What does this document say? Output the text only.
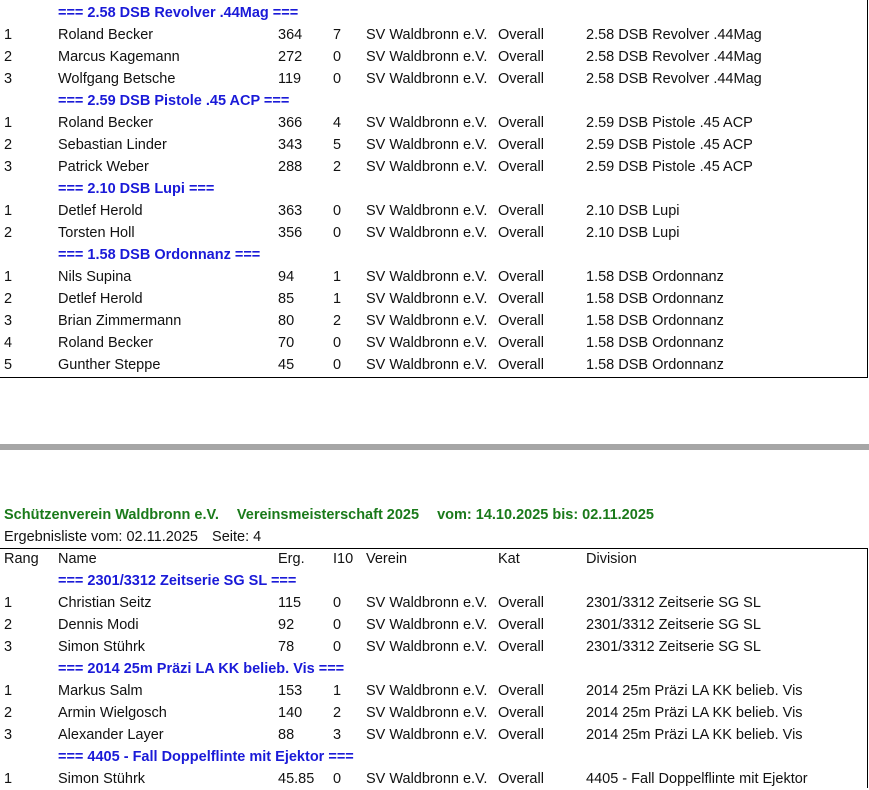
=== 2.58 DSB Revolver .44Mag ===
1	Roland Becker	364 7 SV Waldbronn e.V. Overall	2.58 DSB Revolver .44Mag
2	Marcus Kagemann	272 0 SV Waldbronn e.V. Overall	2.58 DSB Revolver .44Mag
3	Wolfgang Betsche	119 0 SV Waldbronn e.V. Overall	2.58 DSB Revolver .44Mag
=== 2.59 DSB Pistole .45 ACP ===
1	Roland Becker	366 4 SV Waldbronn e.V. Overall	2.59 DSB Pistole .45 ACP
2	Sebastian Linder	343 5 SV Waldbronn e.V. Overall	2.59 DSB Pistole .45 ACP
3	Patrick Weber	288 2 SV Waldbronn e.V. Overall	2.59 DSB Pistole .45 ACP
=== 2.10 DSB Lupi ===
1	Detlef Herold	363 0 SV Waldbronn e.V. Overall	2.10 DSB Lupi
2	Torsten Holl	356 0 SV Waldbronn e.V. Overall	2.10 DSB Lupi
=== 1.58 DSB Ordonnanz ===
1	Nils Supina	94	1 SV Waldbronn e.V. Overall	1.58 DSB Ordonnanz
2	Detlef Herold	85	1 SV Waldbronn e.V. Overall	1.58 DSB Ordonnanz
3	Brian Zimmermann	80	2 SV Waldbronn e.V. Overall	1.58 DSB Ordonnanz
4	Roland Becker	70	0 SV Waldbronn e.V. Overall	1.58 DSB Ordonnanz
5	Gunther Steppe	45	0 SV Waldbronn e.V. Overall	1.58 DSB Ordonnanz
Schützenverein Waldbronn e.V. Vereinsmeisterschaft 2025 vom: 14.10.2025 bis: 02.11.2025
Ergebnisliste vom: 02.11.2025 Seite: 4
Rang Name	Erg. I10 Verein	Kat	Division
=== 2301/3312 Zeitserie SG SL ===
1	Christian Seitz	115 0 SV Waldbronn e.V. Overall	2301/3312 Zeitserie SG SL
2	Dennis Modi	92	0 SV Waldbronn e.V. Overall	2301/3312 Zeitserie SG SL
3	Simon Stührk	78	0 SV Waldbronn e.V. Overall	2301/3312 Zeitserie SG SL
=== 2014 25m Präzi LA KK belieb. Vis ===
1	Markus Salm	153 1 SV Waldbronn e.V. Overall	2014 25m Präzi LA KK belieb. Vis
2	Armin Wielgosch	140 2 SV Waldbronn e.V. Overall	2014 25m Präzi LA KK belieb. Vis
3	Alexander Layer	88	3 SV Waldbronn e.V. Overall	2014 25m Präzi LA KK belieb. Vis
=== 4405 - Fall Doppelflinte mit Ejektor ===
1	Simon Stührk	45.85 0 SV Waldbronn e.V. Overall	4405 - Fall Doppelflinte mit Ejektor
